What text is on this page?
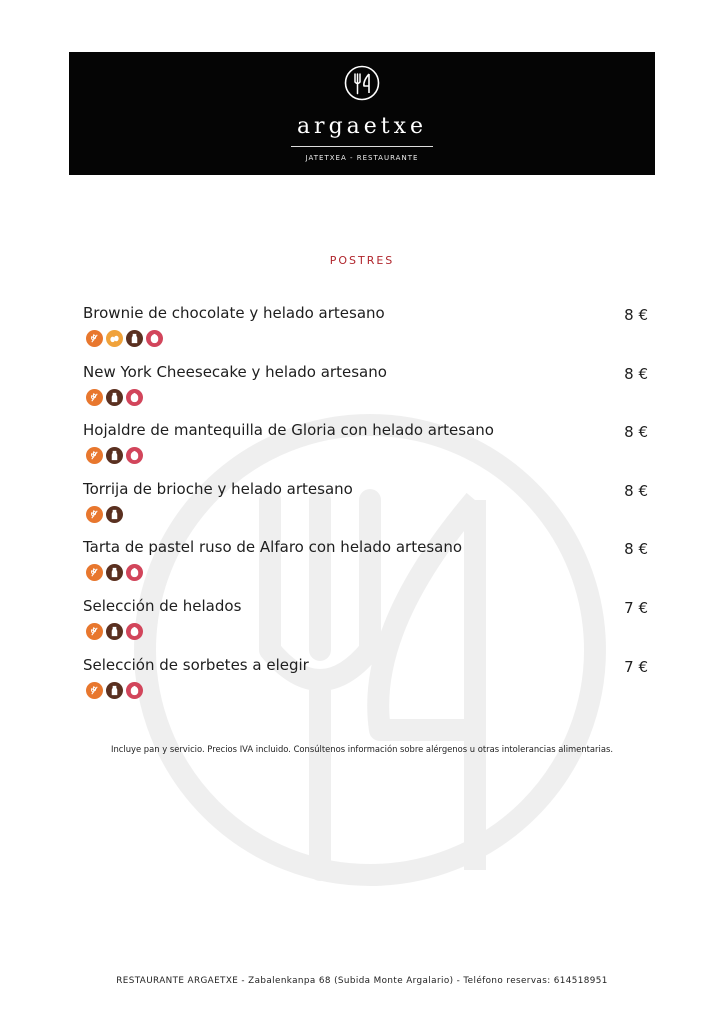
argaetxe
JATETXEA - RESTAURANTE
POSTRES
Brownie de chocolate y helado artesano	8 €
New York Cheesecake y helado artesano	8 €
Hojaldre de mantequilla de Gloria con helado artesano	8 €
Torrija de brioche y helado artesano	8 €
Tarta de pastel ruso de Alfaro con helado artesano	8 €
Selección de helados	7 €
Selección de sorbetes a elegir	7 €
Incluye pan y servicio. Precios IVA incluido. Consúltenos información sobre alérgenos u otras intolerancias alimentarias.
RESTAURANTE ARGAETXE - Zabalenkanpa 68 (Subida Monte Argalario) - Teléfono reservas: 614518951
